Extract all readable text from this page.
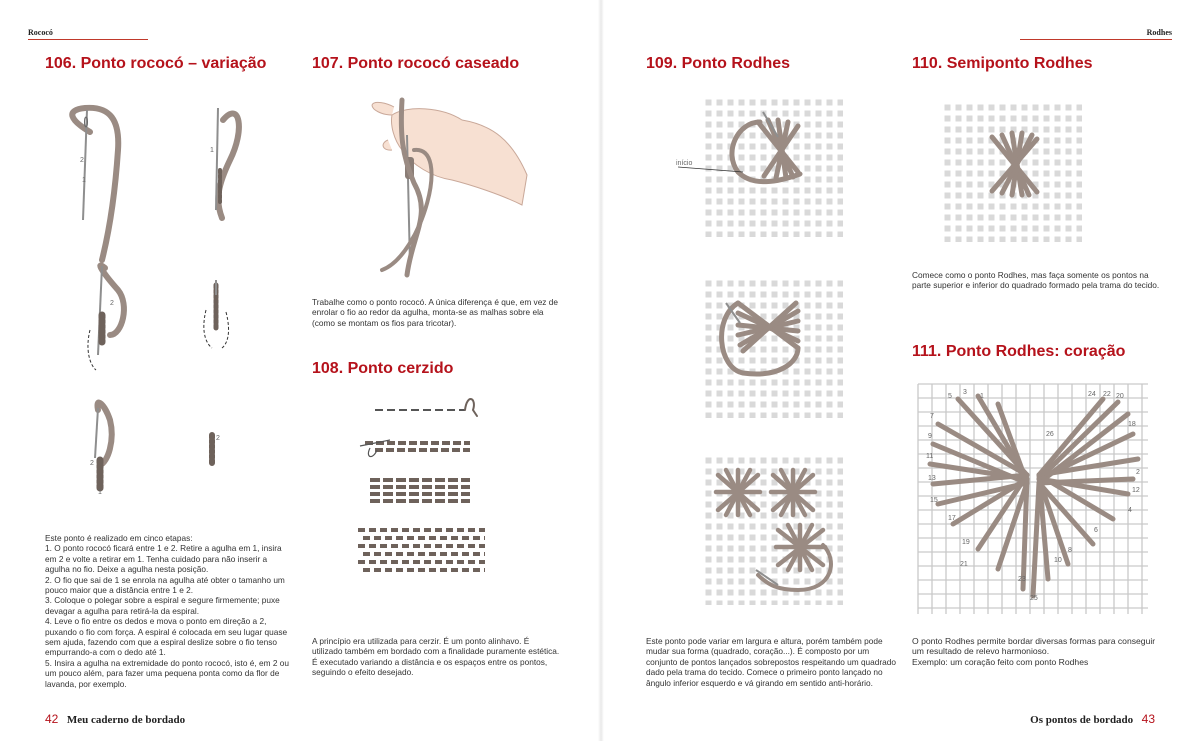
Rococó	Rodhes
106. Ponto rococó – variação	107. Ponto rococó caseado
108. Ponto cerzido
109. Ponto Rodhes	110. Semiponto Rodhes
111. Ponto Rodhes: coração
2
1
1
2
2
1
2

Este ponto é realizado em cinco etapas:

1. O ponto rococó ficará entre 1 e 2. Retire a agulha em 1, insira em 2 e volte a retirar em 1. Tenha cuidado para não inserir a agulha no fio. Deixe a agulha nesta posição.

2. O fio que sai de 1 se enrola na agulha até obter o tamanho um pouco maior que a distância entre 1 e 2.

3. Coloque o polegar sobre a espiral e segure firmemente; puxe devagar a agulha para retirá-la da espiral.

4. Leve o fio entre os dedos e mova o ponto em direção a 2, puxando o fio com força. A espiral é colocada em seu lugar quase sem ajuda, fazendo com que a espiral deslize sobre o fio tenso empurrando-a com o dedo até 1.

5. Insira a agulha na extremidade do ponto rococó, isto é, em 2 ou um pouco além, para fazer uma pequena ponta como da flor de lavanda, por exemplo.

Trabalhe como o ponto rococó. A única diferença é que, em vez de enrolar o fio ao redor da agulha, monta-se as malhas sobre ela (como se montam os fios para tricotar).

A princípio era utilizada para cerzir. É um ponto alinhavo. É utilizado também em bordado com a finalidade puramente estética.

É executado variando a distância e os espaços entre os pontos, seguindo o efeito desejado.

início
Este ponto pode variar em largura e altura, porém também pode mudar sua forma (quadrado, coração...). É composto por um conjunto de pontos lançados sobrepostos respeitando um quadrado dado pela trama do tecido. Comece o primeiro ponto lançado no ângulo inferior esquerdo e vá girando em sentido anti-horário.
Comece como o ponto Rodhes, mas faça somente os pontos na parte superior e inferior do quadrado formado pela trama do tecido.
5
3
1	24 22 20
7
18
9	26
11
13
2
12
15
4
17
6
19
8
21
10
23
25

O ponto Rodhes permite bordar diversas formas para conseguir um resultado de relevo harmonioso.

Exemplo: um coração feito com ponto Rodhes

42 Meu caderno de bordado	Os pontos de bordado 43
